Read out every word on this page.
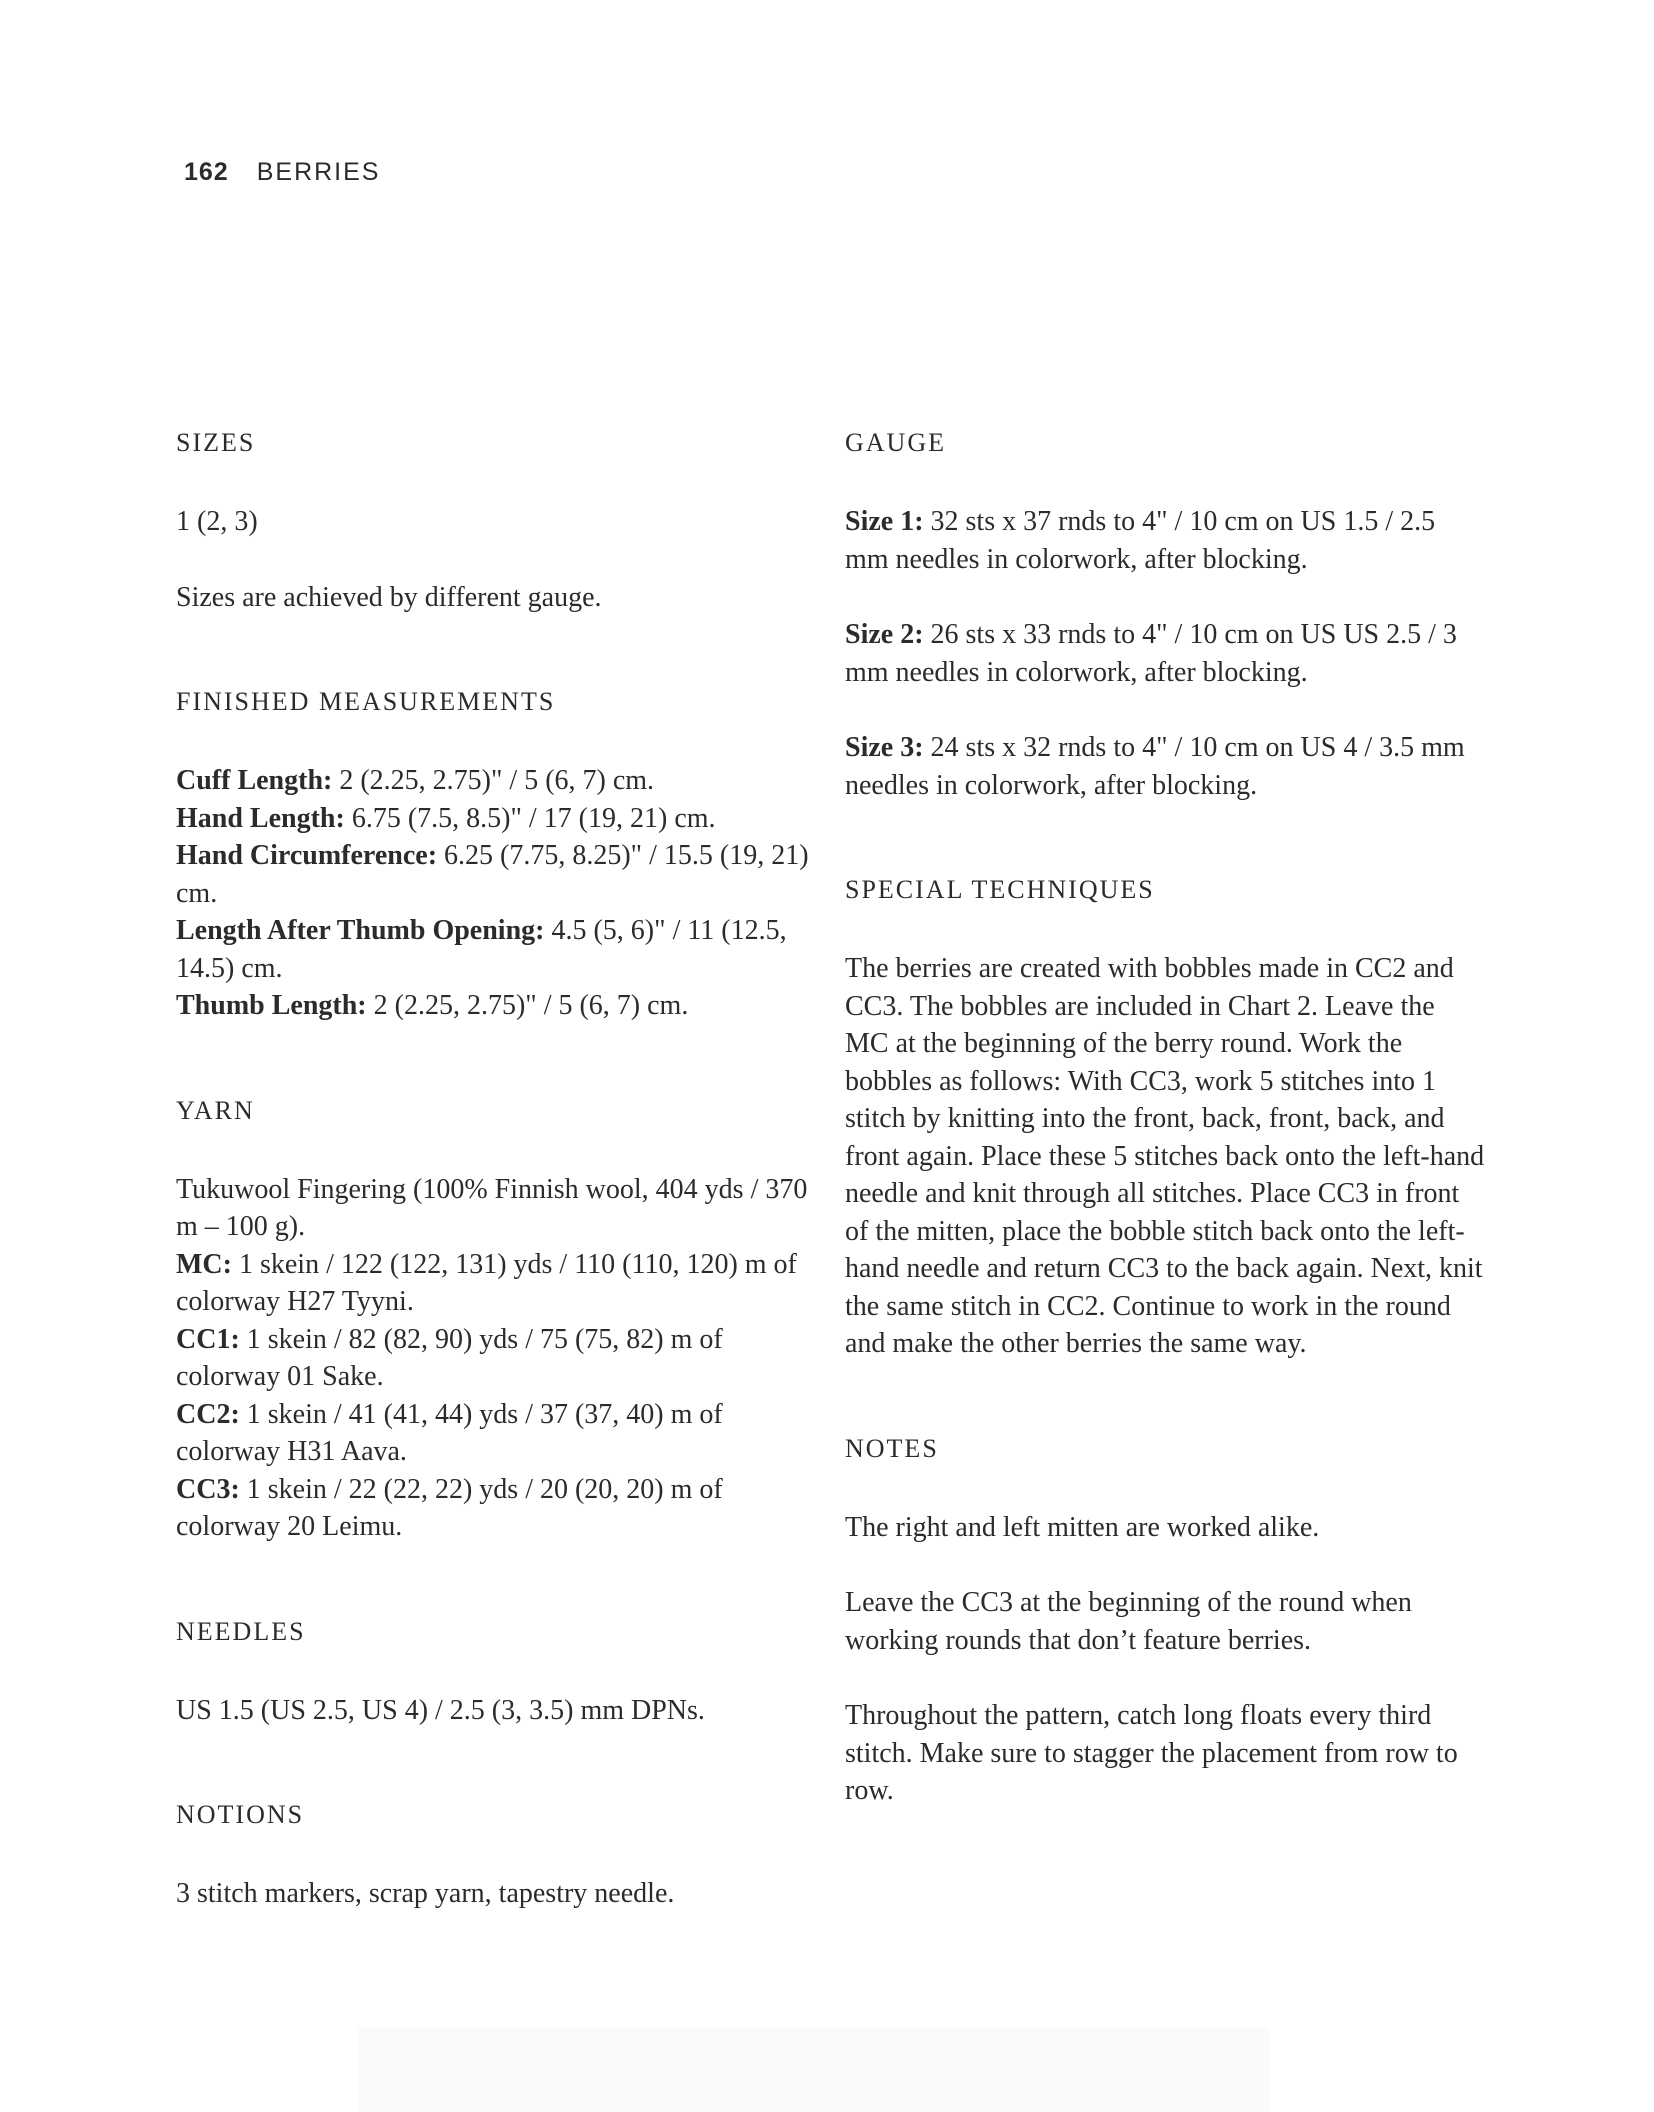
162 BERRIES
SIZES

1 (2, 3)

Sizes are achieved by different gauge.

FINISHED MEASUREMENTS
Cuff Length: 2 (2.25, 2.75)" / 5 (6, 7) cm.
Hand Length: 6.75 (7.5, 8.5)" / 17 (19, 21) cm.
Hand Circumference: 6.25 (7.75, 8.25)" / 15.5 (19, 21) cm.
Length After Thumb Opening: 4.5 (5, 6)" / 11 (12.5, 14.5) cm.
Thumb Length: 2 (2.25, 2.75)" / 5 (6, 7) cm.
YARN
Tukuwool Fingering (100% Finnish wool, 404 yds / 370 m – 100 g).
MC: 1 skein / 122 (122, 131) yds / 110 (110, 120) m of colorway H27 Tyyni.
CC1: 1 skein / 82 (82, 90) yds / 75 (75, 82) m of colorway 01 Sake.
CC2: 1 skein / 41 (41, 44) yds / 37 (37, 40) m of colorway H31 Aava.
CC3: 1 skein / 22 (22, 22) yds / 20 (20, 20) m of colorway 20 Leimu.
NEEDLES

US 1.5 (US 2.5, US 4) / 2.5 (3, 3.5) mm DPNs.

NOTIONS

3 stitch markers, scrap yarn, tapestry needle.

GAUGE

Size 1: 32 sts x 37 rnds to 4" / 10 cm on US 1.5 / 2.5 mm needles in colorwork, after blocking.

Size 2: 26 sts x 33 rnds to 4" / 10 cm on US US 2.5 / 3 mm needles in colorwork, after blocking.

Size 3: 24 sts x 32 rnds to 4" / 10 cm on US 4 / 3.5 mm needles in colorwork, after blocking.

SPECIAL TECHNIQUES

The berries are created with bobbles made in CC2 and CC3. The bobbles are included in Chart 2. Leave the MC at the beginning of the berry round. Work the bobbles as follows: With CC3, work 5 stitches into 1 stitch by knitting into the front, back, front, back, and front again. Place these 5 stitches back onto the left-hand needle and knit through all stitches. Place CC3 in front of the mitten, place the bobble stitch back onto the left-hand needle and return CC3 to the back again. Next, knit the same stitch in CC2. Continue to work in the round and make the other berries the same way.

NOTES

The right and left mitten are worked alike.

Leave the CC3 at the beginning of the round when working rounds that don’t feature berries.

Throughout the pattern, catch long floats every third stitch. Make sure to stagger the placement from row to row.
